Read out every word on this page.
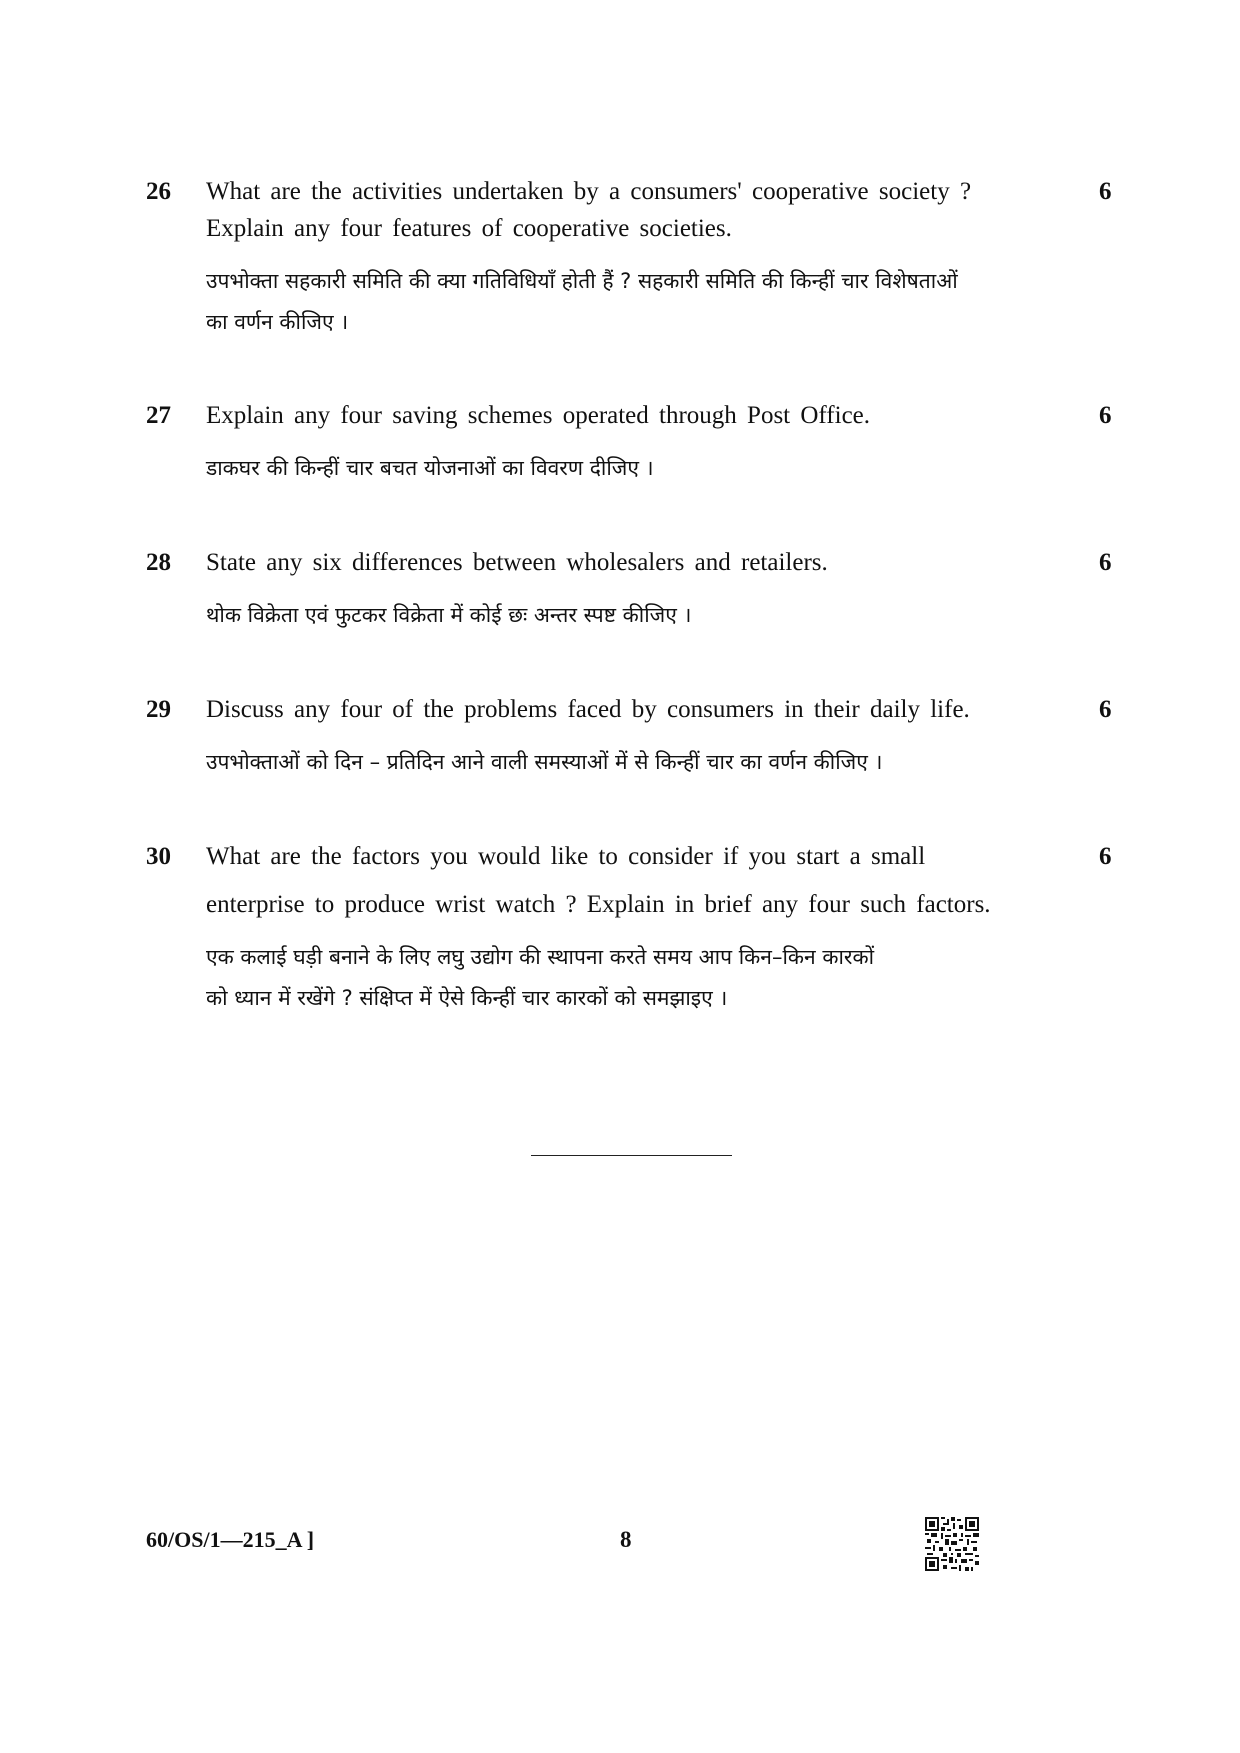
26	6
What are the activities undertaken by a consumers' cooperative society ?
Explain any four features of cooperative societies.
उपभोक्ता सहकारी समिति की क्या गतिविधियाँ होती हैं ? सहकारी समिति की किन्हीं चार विशेषताओं
का वर्णन कीजिए ।
27	6
Explain any four saving schemes operated through Post Office.
डाकघर की किन्हीं चार बचत योजनाओं का विवरण दीजिए ।
28	6
State any six differences between wholesalers and retailers.
थोक विक्रेता एवं फुटकर विक्रेता में कोई छः अन्तर स्पष्ट कीजिए ।
29	6
Discuss any four of the problems faced by consumers in their daily life.
उपभोक्ताओं को दिन – प्रतिदिन आने वाली समस्याओं में से किन्हीं चार का वर्णन कीजिए ।
30	6
What are the factors you would like to consider if you start a small
enterprise to produce wrist watch ? Explain in brief any four such factors.
एक कलाई घड़ी बनाने के लिए लघु उद्योग की स्थापना करते समय आप किन–किन कारकों
को ध्यान में रखेंगे ? संक्षिप्त में ऐसे किन्हीं चार कारकों को समझाइए ।
60/OS/1—215_A ]	8
